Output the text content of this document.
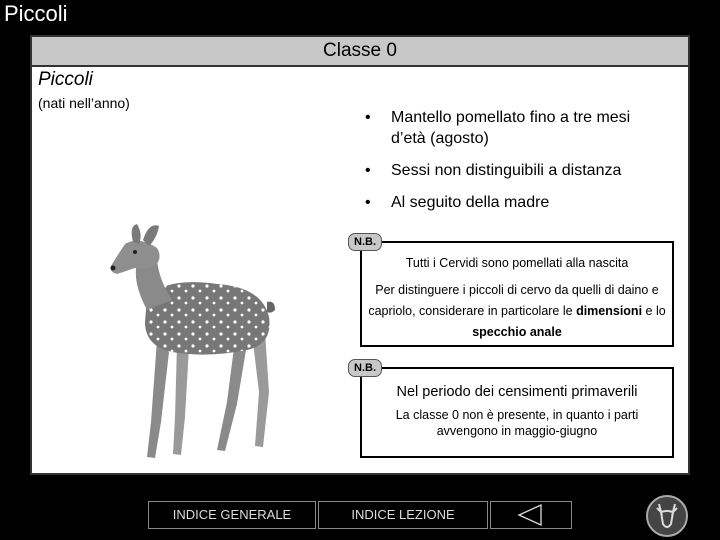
Piccoli
Classe 0
Piccoli
(nati nell’anno)
• Mantello pomellato fino a tre mesi d’età (agosto)
• Sessi non distinguibili a distanza
• Al seguito della madre
Tutti i Cervidi sono pomellati alla nascita
Per distinguere i piccoli di cervo da quelli di daino e capriolo, considerare in particolare le dimensioni e lo specchio anale
N.B.
Nel periodo dei censimenti primaverili
La classe 0 non è presente, in quanto i parti avvengono in maggio-giugno
N.B.
INDICE GENERALE	INDICE LEZIONE
